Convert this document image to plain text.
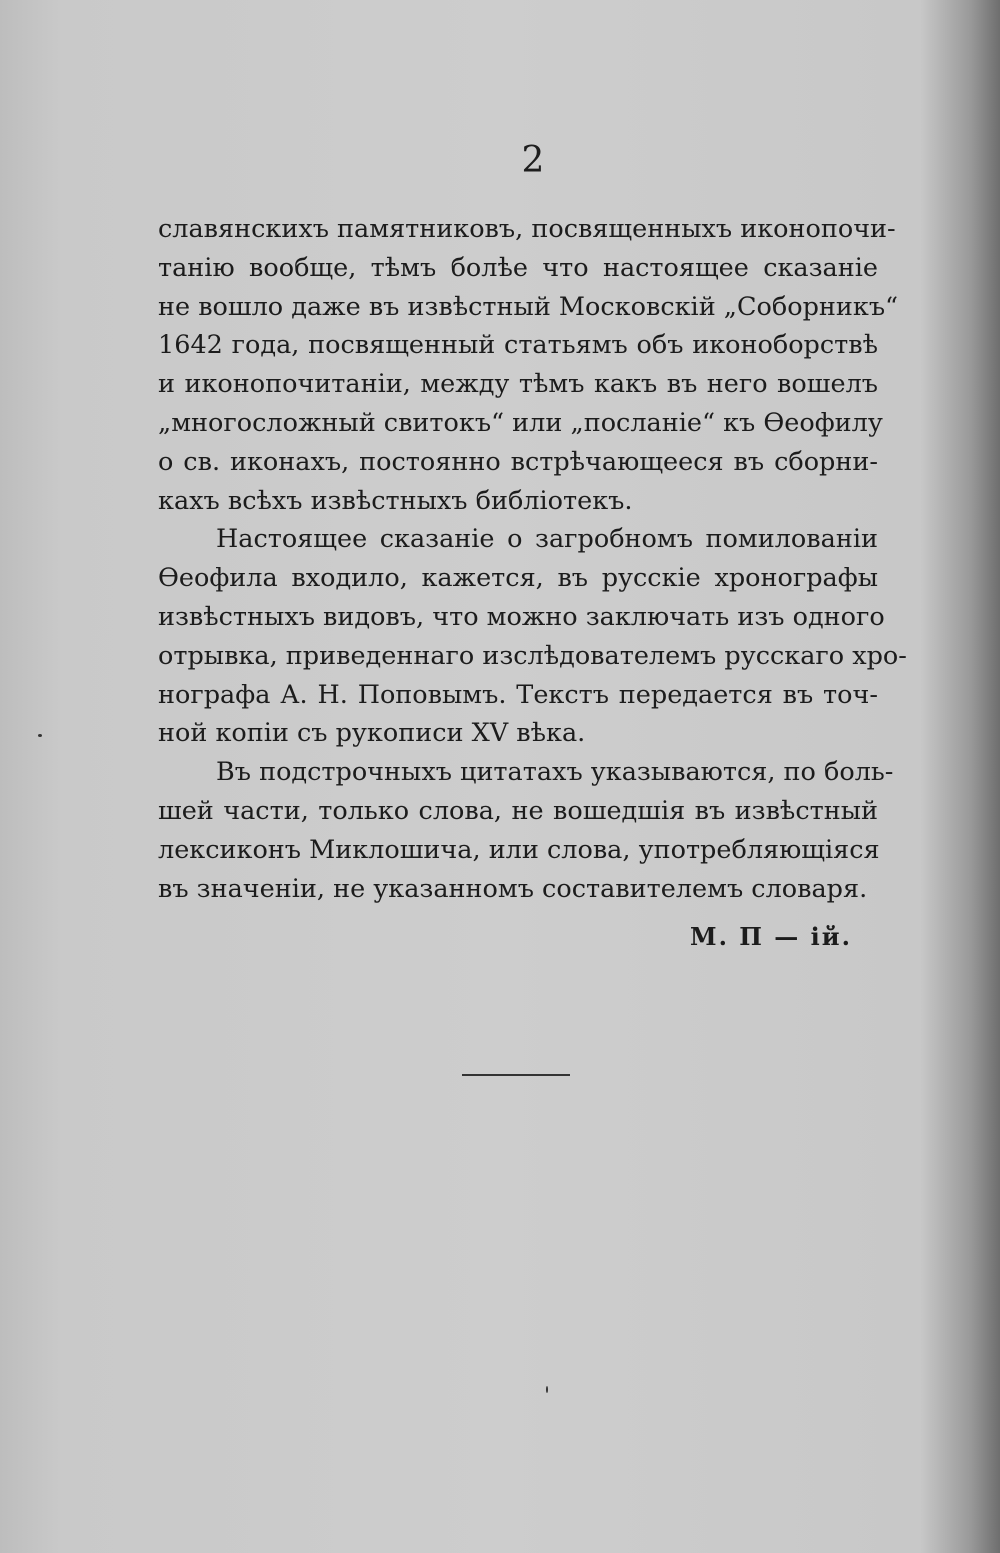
2
славянскихъ памятниковъ, посвященныхъ иконопочи-
танію вообще, тѣмъ болѣе что настоящее сказаніе
не вошло даже въ извѣстный Московскій „Соборникъ“
1642 года, посвященный статьямъ объ иконоборствѣ
и иконопочитаніи, между тѣмъ какъ въ него вошелъ
„многосложный свитокъ“ или „посланіе“ къ Ѳеофилу
о св. иконахъ, постоянно встрѣчающееся въ сборни-
кахъ всѣхъ извѣстныхъ библіотекъ.
Настоящее сказаніе о загробномъ помилованіи
Ѳеофила входило, кажется, въ русскіе хронографы
извѣстныхъ видовъ, что можно заключать изъ одного
отрывка, приведеннаго изслѣдователемъ русскаго хро-
нографа А. Н. Поповымъ. Текстъ передается въ точ-
ной копіи съ рукописи XV вѣка.
Въ подстрочныхъ цитатахъ указываются, по боль-
шей части, только слова, не вошедшія въ извѣстный
лексиконъ Миклошича, или слова, употребляющіяся
въ значеніи, не указанномъ составителемъ словаря.
М. П — ій.
